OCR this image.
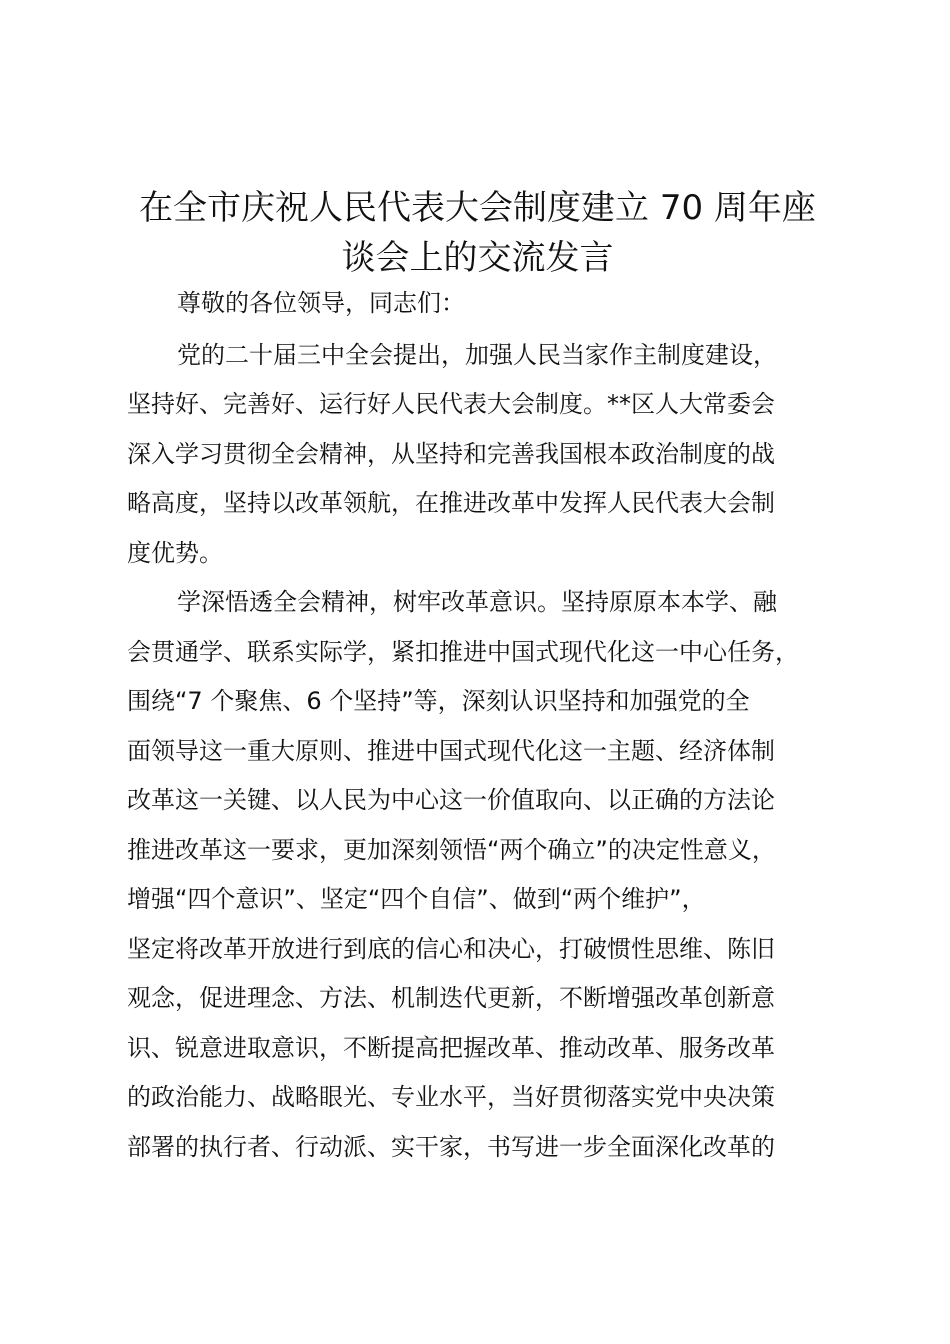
在全市庆祝人民代表大会制度建立 70 周年座
谈会上的交流发言

尊敬的各位领导，同志们：

党的二十届三中全会提出，加强人民当家作主制度建设，
坚持好、完善好、运行好人民代表大会制度。**区人大常委会
深入学习贯彻全会精神，从坚持和完善我国根本政治制度的战
略高度，坚持以改革领航，在推进改革中发挥人民代表大会制
度优势。

学深悟透全会精神，树牢改革意识。坚持原原本本学、融
会贯通学、联系实际学，紧扣推进中国式现代化这一中心任务，
围绕“7 个聚焦、6 个坚持”等，深刻认识坚持和加强党的全
面领导这一重大原则、推进中国式现代化这一主题、经济体制
改革这一关键、以人民为中心这一价值取向、以正确的方法论
推进改革这一要求，更加深刻领悟“两个确立”的决定性意义，
增强“四个意识”、坚定“四个自信”、做到“两个维护”，
坚定将改革开放进行到底的信心和决心，打破惯性思维、陈旧
观念，促进理念、方法、机制迭代更新，不断增强改革创新意
识、锐意进取意识，不断提高把握改革、推动改革、服务改革
的政治能力、战略眼光、专业水平，当好贯彻落实党中央决策
部署的执行者、行动派、实干家，书写进一步全面深化改革的
